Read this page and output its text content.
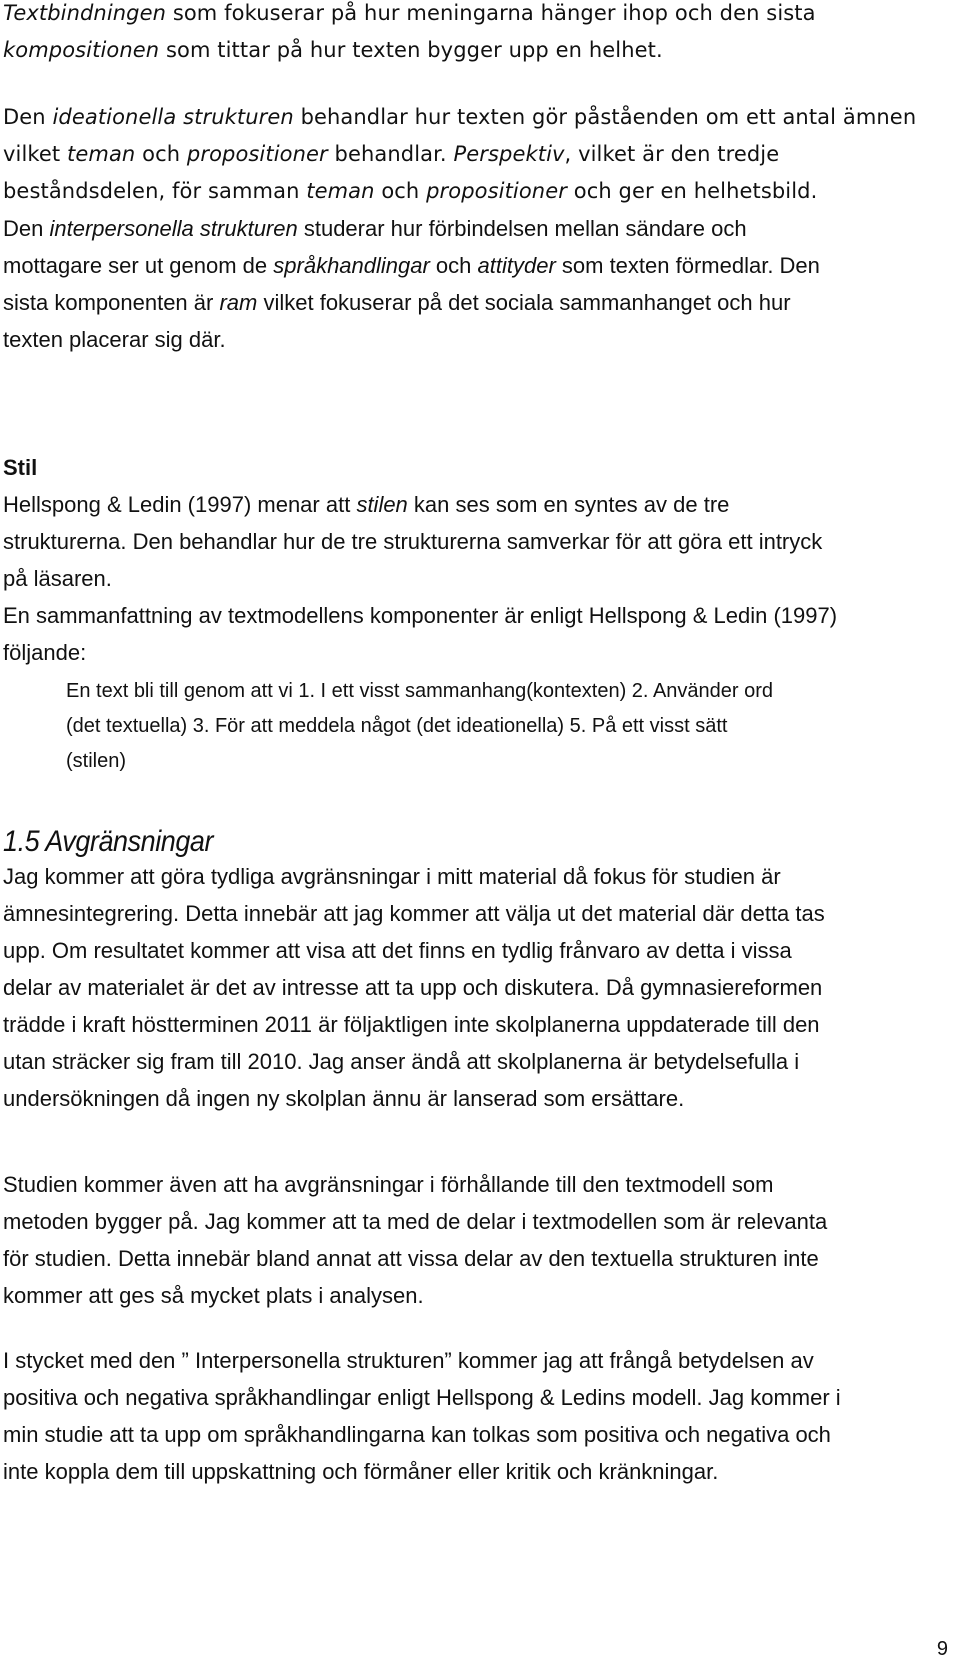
Textbindningen som fokuserar på hur meningarna hänger ihop och den sista
kompositionen som tittar på hur texten bygger upp en helhet.
Den ideationella strukturen behandlar hur texten gör påståenden om ett antal ämnen
vilket teman och propositioner behandlar. Perspektiv, vilket är den tredje
beståndsdelen, för samman teman och propositioner och ger en helhetsbild.
Den interpersonella strukturen studerar hur förbindelsen mellan sändare och
mottagare ser ut genom de språkhandlingar och attityder som texten förmedlar. Den
sista komponenten är ram vilket fokuserar på det sociala sammanhanget och hur
texten placerar sig där.
Stil
Hellspong & Ledin (1997) menar att stilen kan ses som en syntes av de tre
strukturerna. Den behandlar hur de tre strukturerna samverkar för att göra ett intryck
på läsaren.
En sammanfattning av textmodellens komponenter är enligt Hellspong & Ledin (1997)
följande:
En text bli till genom att vi 1. I ett visst sammanhang(kontexten) 2. Använder ord
(det textuella) 3. För att meddela något (det ideationella) 5. På ett visst sätt
(stilen)
1.5 Avgränsningar
Jag kommer att göra tydliga avgränsningar i mitt material då fokus för studien är
ämnesintegrering. Detta innebär att jag kommer att välja ut det material där detta tas
upp. Om resultatet kommer att visa att det finns en tydlig frånvaro av detta i vissa
delar av materialet är det av intresse att ta upp och diskutera. Då gymnasiereformen
trädde i kraft höstterminen 2011 är följaktligen inte skolplanerna uppdaterade till den
utan sträcker sig fram till 2010. Jag anser ändå att skolplanerna är betydelsefulla i
undersökningen då ingen ny skolplan ännu är lanserad som ersättare.
Studien kommer även att ha avgränsningar i förhållande till den textmodell som
metoden bygger på. Jag kommer att ta med de delar i textmodellen som är relevanta
för studien. Detta innebär bland annat att vissa delar av den textuella strukturen inte
kommer att ges så mycket plats i analysen.
I stycket med den ” Interpersonella strukturen” kommer jag att frångå betydelsen av
positiva och negativa språkhandlingar enligt Hellspong & Ledins modell. Jag kommer i
min studie att ta upp om språkhandlingarna kan tolkas som positiva och negativa och
inte koppla dem till uppskattning och förmåner eller kritik och kränkningar.
9
